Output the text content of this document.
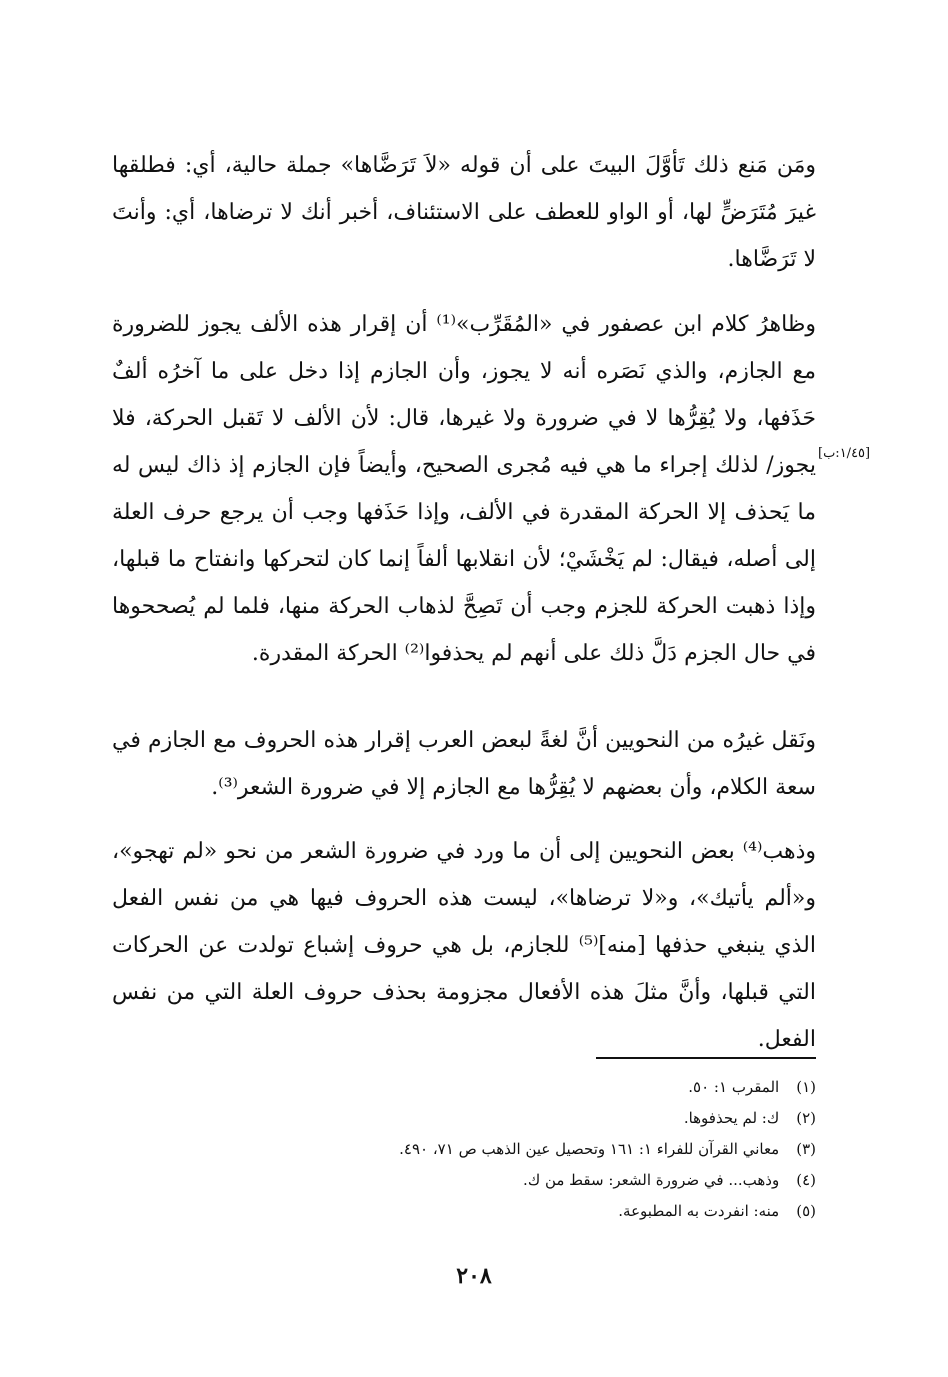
ومَن مَنع ذلك تَأوَّلَ البيتَ على أن قوله «لاَ تَرَضَّاها» جملة حالية، أي: فطلقها غيرَ مُتَرَضٍّ لها، أو الواو للعطف على الاستئناف، أخبر أنك لا ترضاها، أي: وأنتَ لا تَرَضَّاها.

وظاهرُ كلام ابن عصفور في «المُقَرِّب»⁽¹⁾ أن إقرار هذه الألف يجوز للضرورة مع الجازم، والذي نَصَره أنه لا يجوز، وأن الجازم إذا دخل على ما آخرُه ألفٌ حَذَفها، ولا يُقِرُّها لا في ضرورة ولا غيرها، قال: لأن الألف لا تَقبل الحركة، فلا يجوز/ لذلك إجراء ما هي فيه مُجرى الصحيح، وأيضاً فإن الجازم إذ ذاك ليس له ما يَحذف إلا الحركة المقدرة في الألف، وإذا حَذَفها وجب أن يرجع حرف العلة إلى أصله، فيقال: لم يَخْشَيْ؛ لأن انقلابها ألفاً إنما كان لتحركها وانفتاح ما قبلها، وإذا ذهبت الحركة للجزم وجب أن تَصِحَّ لذهاب الحركة منها، فلما لم يُصححوها في حال الجزم دَلَّ ذلك على أنهم لم يحذفوا⁽²⁾ الحركة المقدرة.

[١/٤٥:ب]

ونَقل غيرُه من النحويين أنَّ لغةً لبعض العرب إقرار هذه الحروف مع الجازم في سعة الكلام، وأن بعضهم لا يُقِرُّها مع الجازم إلا في ضرورة الشعر⁽³⁾.

وذهب⁽⁴⁾ بعض النحويين إلى أن ما ورد في ضرورة الشعر من نحو «لم تهجو»، و«ألم يأتيك»، و«لا ترضاها»، ليست هذه الحروف فيها هي من نفس الفعل الذي ينبغي حذفها [منه]⁽⁵⁾ للجازم، بل هي حروف إشباع تولدت عن الحركات التي قبلها، وأنَّ مثلَ هذه الأفعال مجزومة بحذف حروف العلة التي من نفس الفعل.

(١) المقرب ١: ٥٠.
(٢) ك: لم يحذفوها.
(٣) معاني القرآن للفراء ١: ١٦١ وتحصيل عين الذهب ص ٧١، ٤٩٠.
(٤) وذهب... في ضرورة الشعر: سقط من ك.
(٥) منه: انفردت به المطبوعة.
٢٠٨
